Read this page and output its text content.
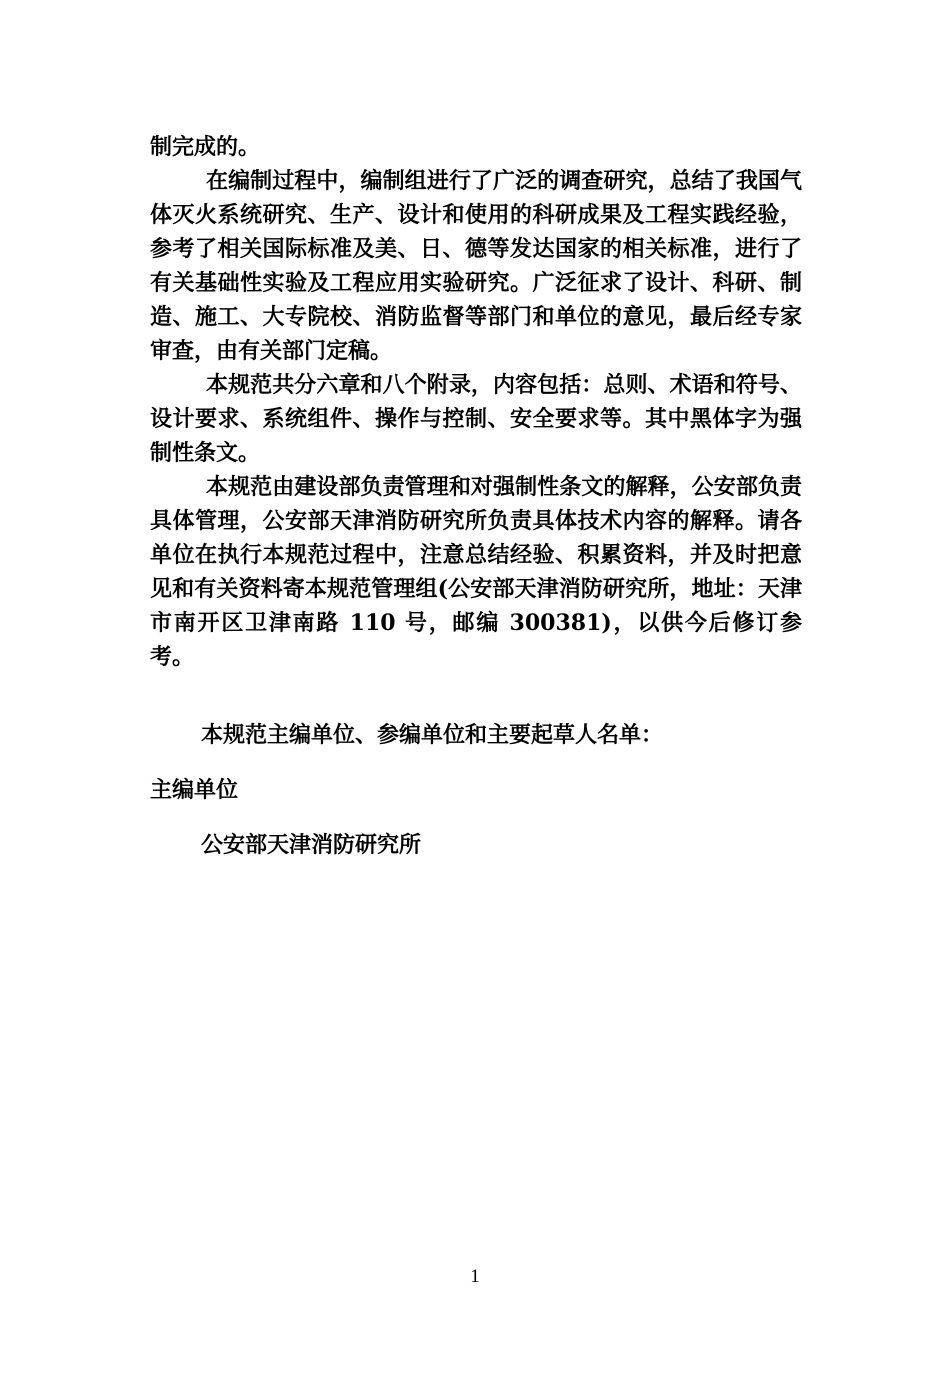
制完成的。

在编制过程中，编制组进行了广泛的调查研究，总结了我国气体灭火系统研究、生产、设计和使用的科研成果及工程实践经验，参考了相关国际标准及美、日、德等发达国家的相关标准，进行了有关基础性实验及工程应用实验研究。广泛征求了设计、科研、制造、施工、大专院校、消防监督等部门和单位的意见，最后经专家审查，由有关部门定稿。

本规范共分六章和八个附录，内容包括：总则、术语和符号、设计要求、系统组件、操作与控制、安全要求等。其中黑体字为强制性条文。

本规范由建设部负责管理和对强制性条文的解释，公安部负责具体管理，公安部天津消防研究所负责具体技术内容的解释。请各单位在执行本规范过程中，注意总结经验、积累资料，并及时把意见和有关资料寄本规范管理组(公安部天津消防研究所，地址：天津市南开区卫津南路 110 号，邮编 300381)，以供今后修订参考。

本规范主编单位、参编单位和主要起草人名单：
主编单位
公安部天津消防研究所
1
